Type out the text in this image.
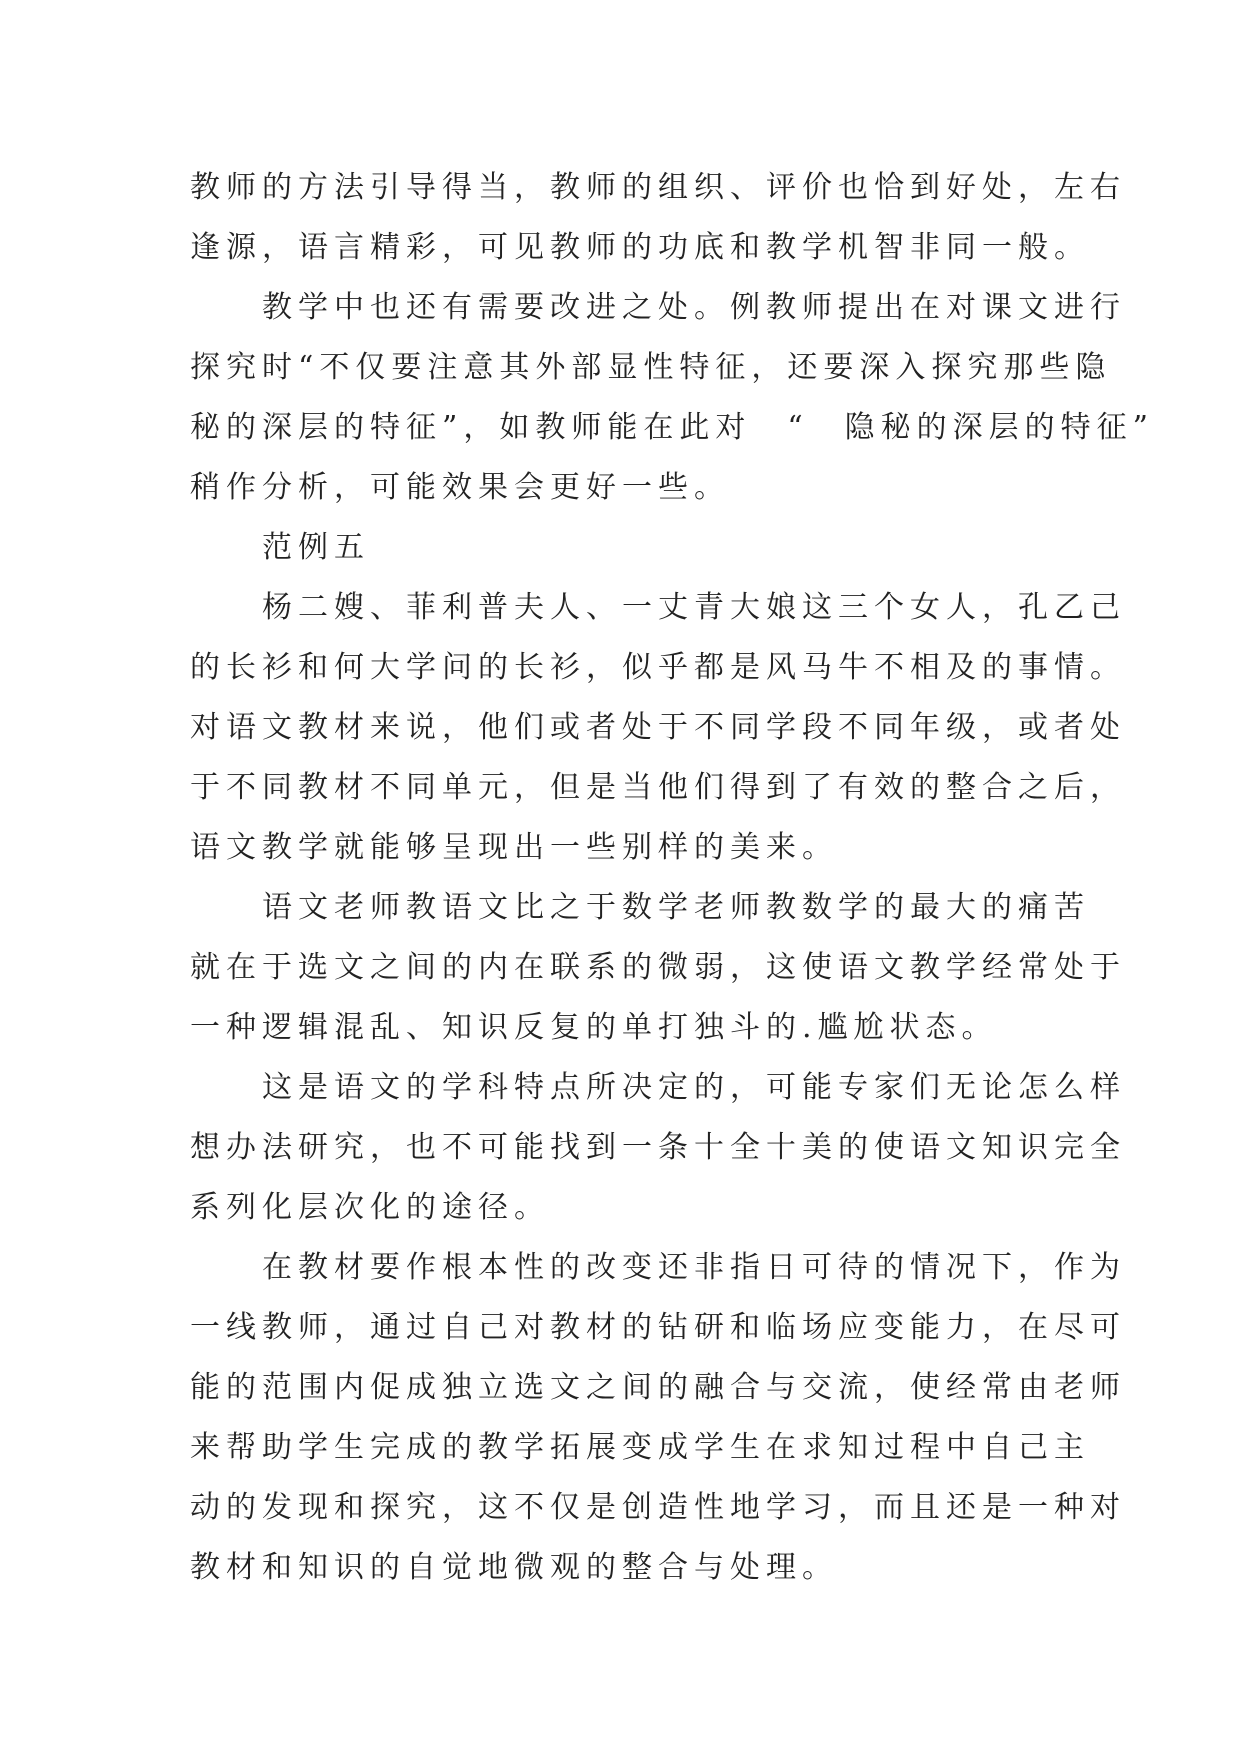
教师的方法引导得当，教师的组织、评价也恰到好处，左右
逢源，语言精彩，可见教师的功底和教学机智非同一般。
　　教学中也还有需要改进之处。例教师提出在对课文进行
探究时“不仅要注意其外部显性特征，还要深入探究那些隐
秘的深层的特征”，如教师能在此对　“　隐秘的深层的特征”
稍作分析，可能效果会更好一些。
　　范例五
　　杨二嫂、菲利普夫人、一丈青大娘这三个女人，孔乙己
的长衫和何大学问的长衫，似乎都是风马牛不相及的事情。
对语文教材来说，他们或者处于不同学段不同年级，或者处
于不同教材不同单元，但是当他们得到了有效的整合之后，
语文教学就能够呈现出一些别样的美来。
　　语文老师教语文比之于数学老师教数学的最大的痛苦
就在于选文之间的内在联系的微弱，这使语文教学经常处于
一种逻辑混乱、知识反复的单打独斗的.尴尬状态。
　　这是语文的学科特点所决定的，可能专家们无论怎么样
想办法研究，也不可能找到一条十全十美的使语文知识完全
系列化层次化的途径。
　　在教材要作根本性的改变还非指日可待的情况下，作为
一线教师，通过自己对教材的钻研和临场应变能力，在尽可
能的范围内促成独立选文之间的融合与交流，使经常由老师
来帮助学生完成的教学拓展变成学生在求知过程中自己主
动的发现和探究，这不仅是创造性地学习，而且还是一种对
教材和知识的自觉地微观的整合与处理。
